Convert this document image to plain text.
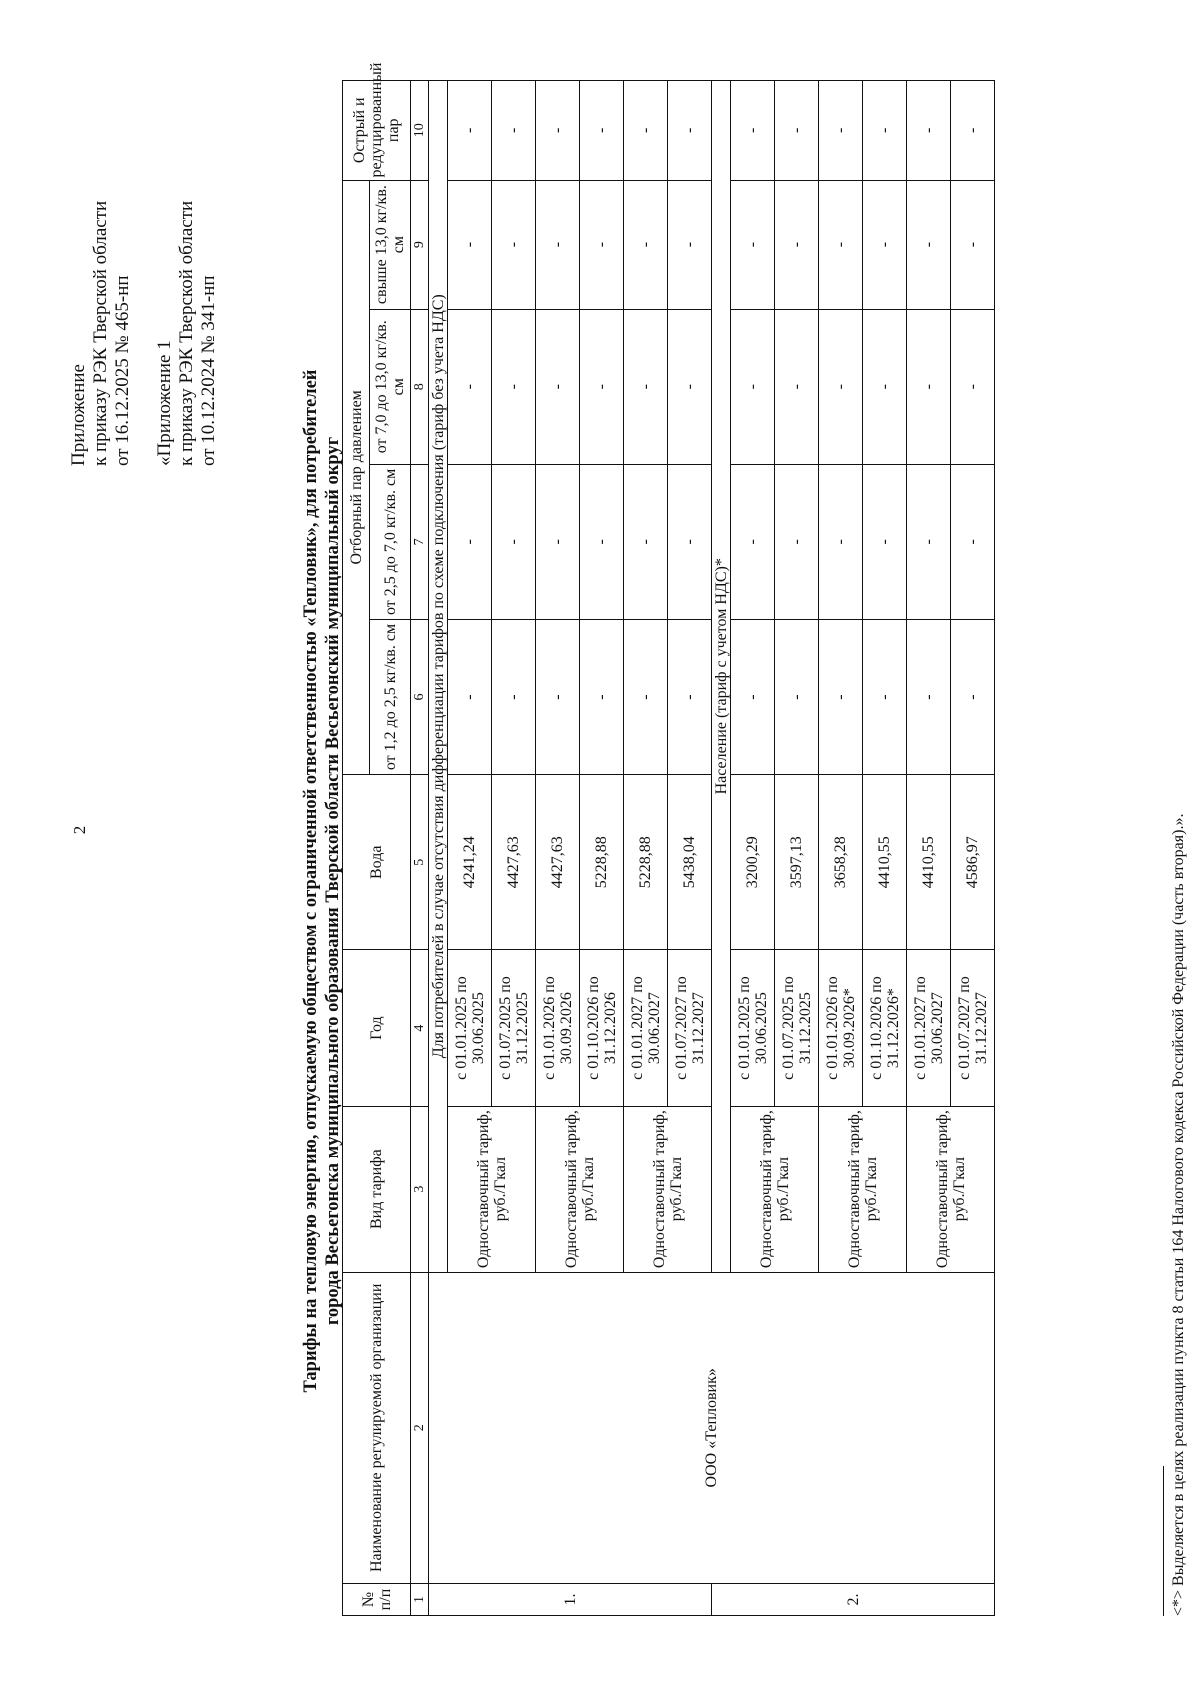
2
Приложение к приказу РЭК Тверской области от 16.12.2025 № 465-нп «Приложение 1 к приказу РЭК Тверской области от 10.12.2024 № 341-нп	Тарифы на тепловую энергию, отпускаемую обществом с ограниченной ответственностью «Тепловик», для потребителей города Весьегонска муниципального образования Тверской области Весьегонский муниципальный округ
№ п/п	Наименование регулируемой организации	Вид тарифа	Год	Вода	Отборный пар давлением				Острый и редуцированный пар
					от 1,2 до 2,5 кг/кв. см	от 2,5 до 7,0 кг/кв. см	от 7,0 до 13,0 кг/кв. см	свыше 13,0 кг/кв. см	
1	2	3	4	5	6	7	8	9	10
1.	ООО «Тепловик»	Для потребителей в случае отсутствия дифференциации тарифов по схеме подключения (тариф без учета НДС)							
		Одноставочный тариф, руб./Гкал	с 01.01.2025 по 30.06.2025	4241,24	-	-	-	-	-
			с 01.07.2025 по 31.12.2025	4427,63	-	-	-	-	-
		Одноставочный тариф, руб./Гкал	с 01.01.2026 по 30.09.2026	4427,63	-	-	-	-	-
			с 01.10.2026 по 31.12.2026	5228,88	-	-	-	-	-
		Одноставочный тариф, руб./Гкал	с 01.01.2027 по 30.06.2027	5228,88	-	-	-	-	-
			с 01.07.2027 по 31.12.2027	5438,04	-	-	-	-	-
2.		Население (тариф с учетом НДС)*							
		Одноставочный тариф, руб./Гкал	с 01.01.2025 по 30.06.2025	3200,29	-	-	-	-	-
			с 01.07.2025 по 31.12.2025	3597,13	-	-	-	-	-
		Одноставочный тариф, руб./Гкал	с 01.01.2026 по 30.09.2026*	3658,28	-	-	-	-	-
			с 01.10.2026 по 31.12.2026*	4410,55	-	-	-	-	-
		Одноставочный тариф, руб./Гкал	с 01.01.2027 по 30.06.2027	4410,55	-	-	-	-	-
			с 01.07.2027 по 31.12.2027	4586,97	-	-	-	-	-
<*> Выделяется в целях реализации пункта 8 статьи 164 Налогового кодекса Российской Федерации (часть вторая).».
